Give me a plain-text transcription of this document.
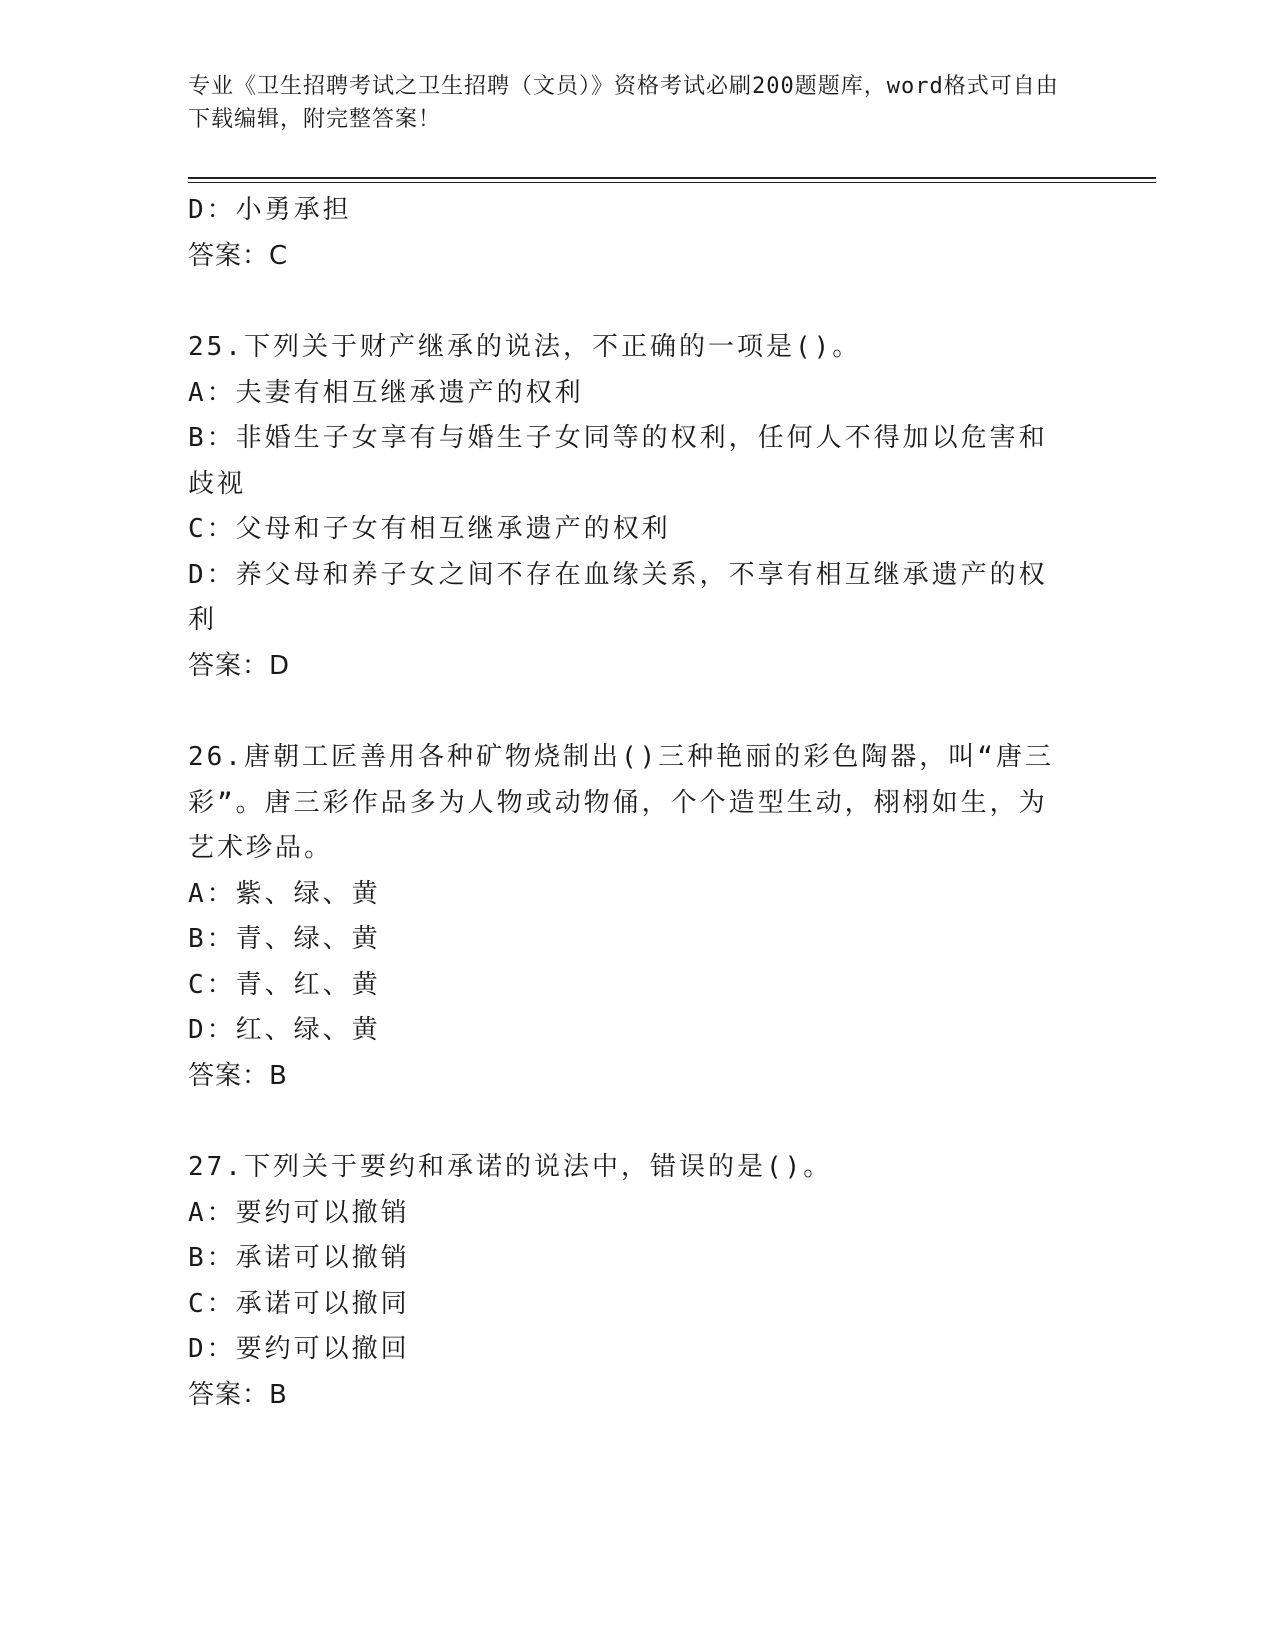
专业《卫生招聘考试之卫生招聘（文员）》资格考试必刷200题题库，word格式可自由下载编辑，附完整答案！
D：小勇承担
答案：C
25.下列关于财产继承的说法，不正确的一项是()。
A：夫妻有相互继承遗产的权利
B：非婚生子女享有与婚生子女同等的权利，任何人不得加以危害和歧视
C：父母和子女有相互继承遗产的权利
D：养父母和养子女之间不存在血缘关系，不享有相互继承遗产的权利
答案：D
26.唐朝工匠善用各种矿物烧制出()三种艳丽的彩色陶器，叫“唐三彩”。唐三彩作品多为人物或动物俑，个个造型生动，栩栩如生，为艺术珍品。
A：紫、绿、黄
B：青、绿、黄
C：青、红、黄
D：红、绿、黄
答案：B
27.下列关于要约和承诺的说法中，错误的是()。
A：要约可以撤销
B：承诺可以撤销
C：承诺可以撤同
D：要约可以撤回
答案：B
